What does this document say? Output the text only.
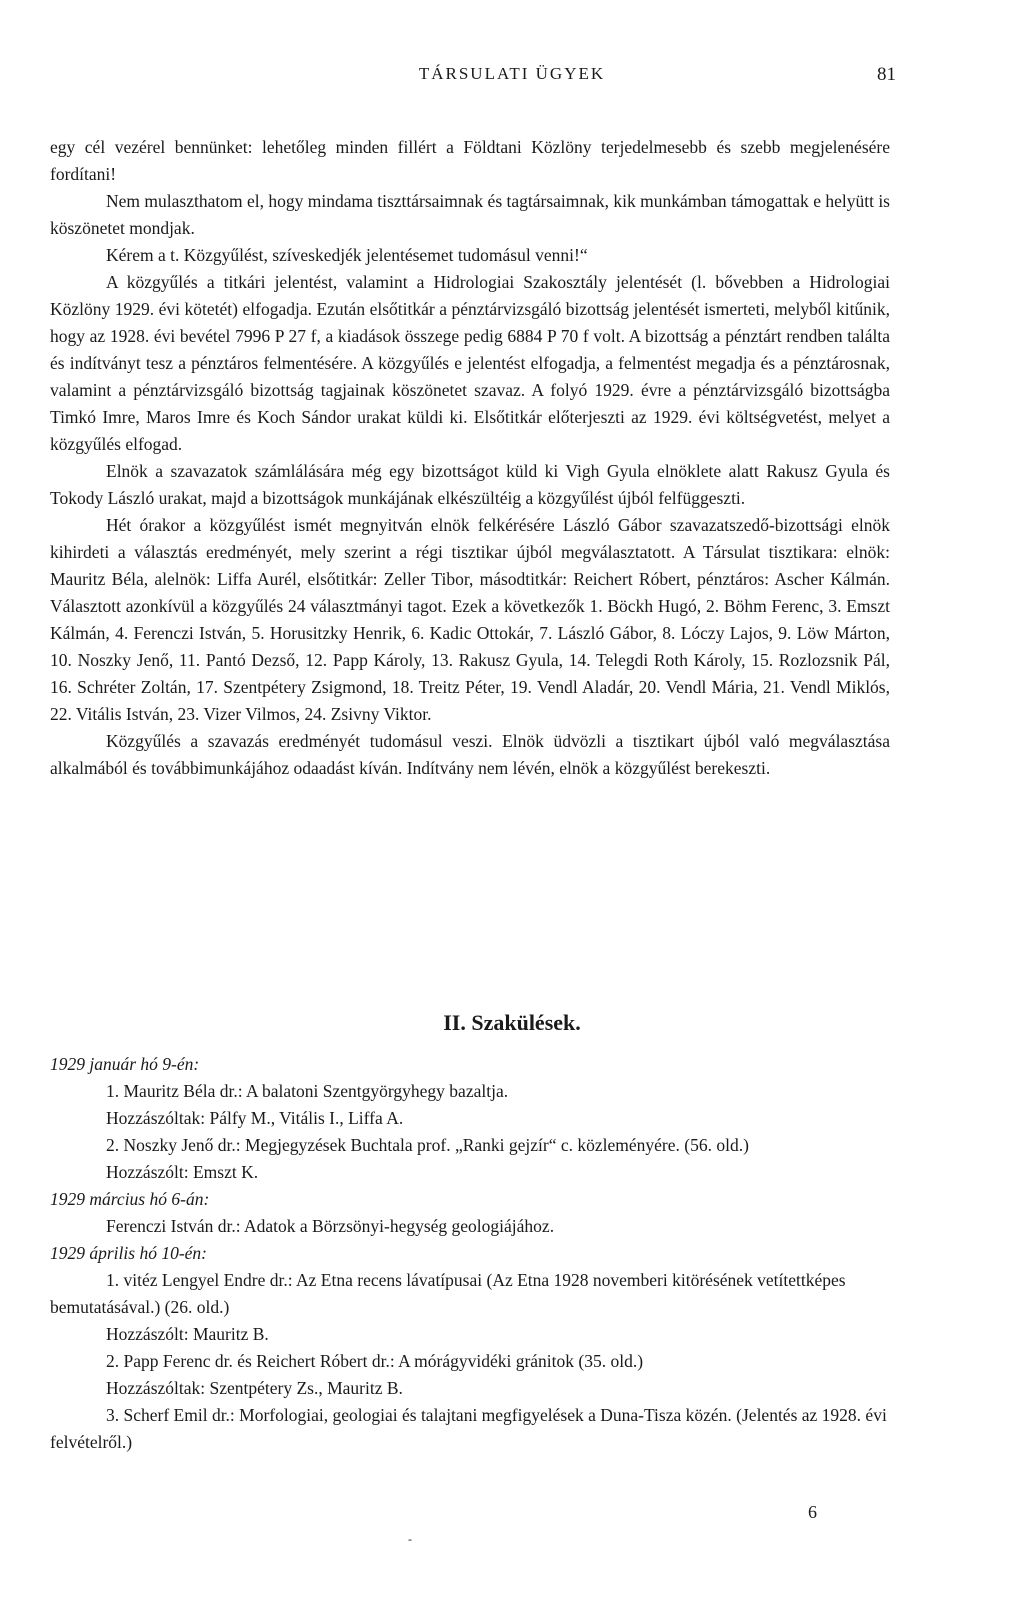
TÁRSULATI ÜGYEK	81

egy cél vezérel bennünket: lehetőleg minden fillért a Földtani Közlöny terjedelmesebb és szebb megjelenésére fordítani!

Nem mulaszthatom el, hogy mindama tiszttársaimnak és tagtársaimnak, kik munkámban támogattak e helyütt is köszönetet mondjak.

Kérem a t. Közgyűlést, szíveskedjék jelentésemet tudomásul venni!“

A közgyűlés a titkári jelentést, valamint a Hidrologiai Szakosztály jelentését (l. bővebben a Hidrologiai Közlöny 1929. évi kötetét) elfogadja. Ezután elsőtitkár a pénztárvizsgáló bizottság jelentését ismerteti, melyből kitűnik, hogy az 1928. évi bevétel 7996 P 27 f, a kiadások összege pedig 6884 P 70 f volt. A bizottság a pénztárt rendben találta és indítványt tesz a pénztáros felmentésére. A közgyűlés e jelentést elfogadja, a felmentést megadja és a pénztárosnak, valamint a pénztárvizsgáló bizottság tagjainak köszönetet szavaz. A folyó 1929. évre a pénztárvizsgáló bizottságba Timkó Imre, Maros Imre és Koch Sándor urakat küldi ki. Elsőtitkár előterjeszti az 1929. évi költségvetést, melyet a közgyűlés elfogad.

Elnök a szavazatok számlálására még egy bizottságot küld ki Vigh Gyula elnöklete alatt Rakusz Gyula és Tokody László urakat, majd a bizottságok munkájának elkészültéig a közgyűlést újból felfüggeszti.

Hét órakor a közgyűlést ismét megnyitván elnök felkérésére László Gábor szavazatszedő-bizottsági elnök kihirdeti a választás eredményét, mely szerint a régi tisztikar újból megválasztatott. A Társulat tisztikara: elnök: Mauritz Béla, alelnök: Liffa Aurél, elsőtitkár: Zeller Tibor, másodtitkár: Reichert Róbert, pénztáros: Ascher Kálmán. Választott azonkívül a közgyűlés 24 választmányi tagot. Ezek a következők 1. Böckh Hugó, 2. Böhm Ferenc, 3. Emszt Kálmán, 4. Ferenczi István, 5. Horusitzky Henrik, 6. Kadic Ottokár, 7. László Gábor, 8. Lóczy Lajos, 9. Löw Márton, 10. Noszky Jenő, 11. Pantó Dezső, 12. Papp Károly, 13. Rakusz Gyula, 14. Telegdi Roth Károly, 15. Rozlozsnik Pál, 16. Schréter Zoltán, 17. Szentpétery Zsigmond, 18. Treitz Péter, 19. Vendl Aladár, 20. Vendl Mária, 21. Vendl Miklós, 22. Vitális István, 23. Vizer Vilmos, 24. Zsivny Viktor.

Közgyűlés a szavazás eredményét tudomásul veszi. Elnök üdvözli a tisztikart újból való megválasztása alkalmából és továbbimunkájához odaadást kíván. Indítvány nem lévén, elnök a közgyűlést berekeszti.

II. Szakülések.

1929 január hó 9-én:

1. Mauritz Béla dr.: A balatoni Szentgyörgyhegy bazaltja.

Hozzászóltak: Pálfy M., Vitális I., Liffa A.

2. Noszky Jenő dr.: Megjegyzések Buchtala prof. „Ranki gejzír“ c. közleményére. (56. old.)

Hozzászólt: Emszt K.

1929 március hó 6-án:

Ferenczi István dr.: Adatok a Börzsönyi-hegység geologiájához.

1929 április hó 10-én:

1. vitéz Lengyel Endre dr.: Az Etna recens lávatípusai (Az Etna 1928 novemberi kitörésének vetítettképes bemutatásával.) (26. old.)

Hozzászólt: Mauritz B.

2. Papp Ferenc dr. és Reichert Róbert dr.: A mórágyvidéki gránitok (35. old.)

Hozzászóltak: Szentpétery Zs., Mauritz B.

3. Scherf Emil dr.: Morfologiai, geologiai és talajtani megfigyelések a Duna-Tisza közén. (Jelentés az 1928. évi felvételről.)

6
-
